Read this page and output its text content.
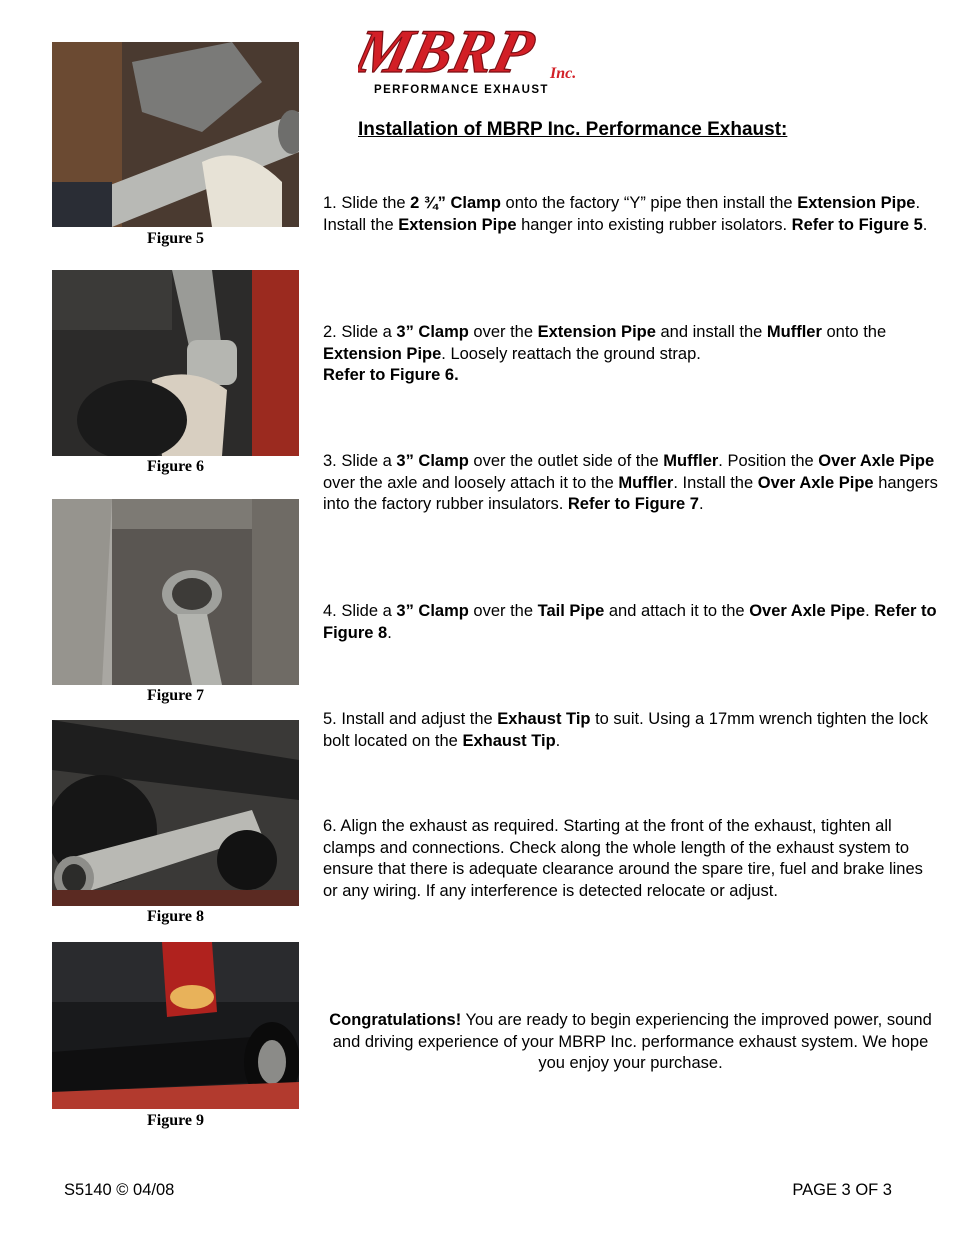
MBRP Inc.
PERFORMANCE EXHAUST
Installation of MBRP Inc. Performance Exhaust:
Figure 5
Figure 6
Figure 7
Figure 8
Figure 9
1. Slide the 2 ¾” Clamp onto the factory “Y” pipe then install the Extension Pipe. Install the Extension Pipe hanger into existing rubber isolators. Refer to Figure 5.
2. Slide a 3” Clamp over the Extension Pipe and install the Muffler onto the Extension Pipe. Loosely reattach the ground strap.
Refer to Figure 6.
3. Slide a 3” Clamp over the outlet side of the Muffler. Position the Over Axle Pipe over the axle and loosely attach it to the Muffler. Install the Over Axle Pipe hangers into the factory rubber insulators. Refer to Figure 7.
4. Slide a 3” Clamp over the Tail Pipe and attach it to the Over Axle Pipe. Refer to Figure 8.
5. Install and adjust the Exhaust Tip to suit. Using a 17mm wrench tighten the lock bolt located on the Exhaust Tip.
6. Align the exhaust as required. Starting at the front of the exhaust, tighten all clamps and connections. Check along the whole length of the exhaust system to ensure that there is adequate clearance around the spare tire, fuel and brake lines or any wiring. If any interference is detected relocate or adjust.
Congratulations! You are ready to begin experiencing the improved power, sound and driving experience of your MBRP Inc. performance exhaust system. We hope you enjoy your purchase.
S5140 © 04/08	PAGE 3 OF 3
